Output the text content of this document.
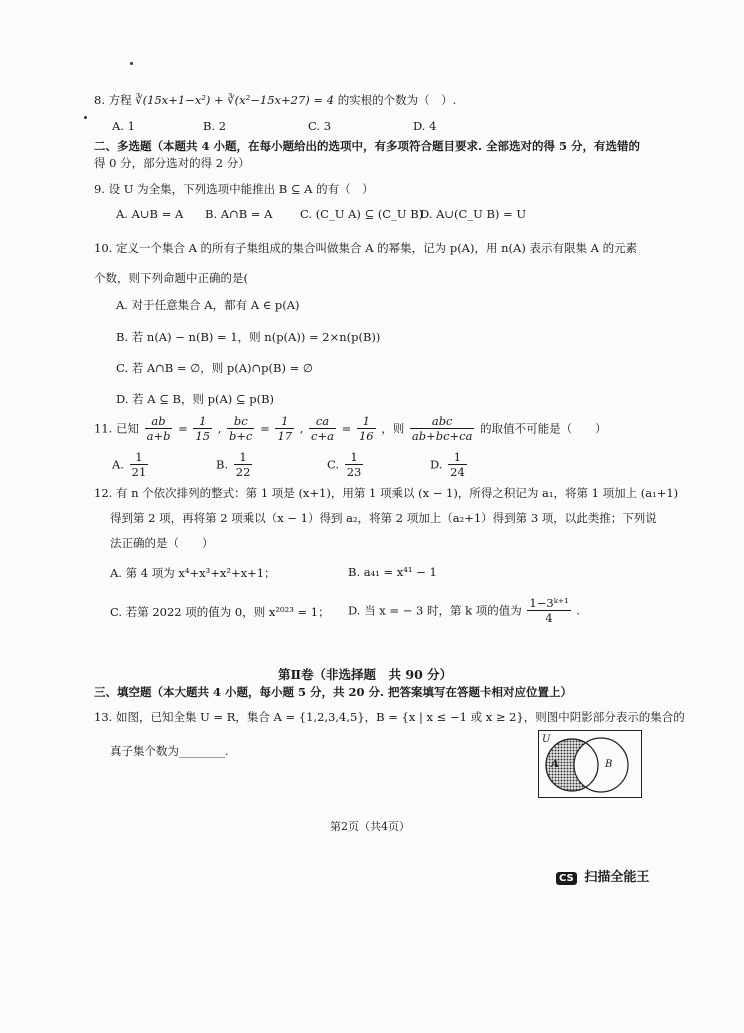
8. 方程 ∛(15x+1−x²) + ∛(x²−15x+27) = 4 的实根的个数为（　）.
A. 1	B. 2	C. 3	D. 4
二、多选题（本题共 4 小题，在每小题给出的选项中，有多项符合题目要求. 全部选对的得 5 分，有选错的
得 0 分，部分选对的得 2 分）
9. 设 U 为全集，下列选项中能推出 B ⊆ A 的有（　）
A. A∪B = A B. A∩B = A C. (C_U A) ⊆ (C_U B)
D. A∪(C_U B) = U
10. 定义一个集合 A 的所有子集组成的集合叫做集合 A 的幂集，记为 p(A)，用 n(A) 表示有限集 A 的元素
个数，则下列命题中正确的是(
A. 对于任意集合 A，都有 A ∈ p(A)
B. 若 n(A) − n(B) = 1，则 n(p(A)) = 2×n(p(B))
C. 若 A∩B = ∅，则 p(A)∩p(B) = ∅
D. 若 A ⊆ B，则 p(A) ⊆ p(B)
11. 已知 $\frac{ab}{a+b} = \frac{1}{15}$ , $\frac{bc}{b+c} = \frac{1}{17}$ , $\frac{ca}{c+a} = \frac{1}{16}$ ，则 $\frac{\text{abc}}{ab+bc+ca}$ 的取值不可能是（　　）
A. $\frac{1}{21}$	B. $\frac{1}{22}$	C. $\frac{1}{23}$	D. $\frac{1}{24}$
12. 有 n 个依次排列的整式：第 1 项是 (x+1)，用第 1 项乘以 (x − 1)，所得之积记为 a₁，将第 1 项加上 (a₁+1)
得到第 2 项，再将第 2 项乘以（x − 1）得到 a₂，将第 2 项加上（a₂+1）得到第 3 项，以此类推；下列说
法正确的是（　　）
A. 第 4 项为 x⁴+x³+x²+x+1；	B. a₄₁ = x⁴¹ − 1
C. 若第 2022 项的值为 0，则 x²⁰²³ = 1； D. 当 x = − 3 时，第 k 项的值为 $\frac{\text{1−3ᵏ⁺¹}}{4}$ .
第Ⅱ卷（非选择题　共 90 分）
三、填空题（本大题共 4 小题，每小题 5 分，共 20 分. 把答案填写在答题卡相对应位置上）
13. 如图，已知全集 U = R，集合 A = {1,2,3,4,5}，B = {x | x ≤ −1 或 x ≥ 2}，则图中阴影部分表示的集合的
真子集个数为________.
U
A	B
第2页（共4页）
CS 扫描全能王
